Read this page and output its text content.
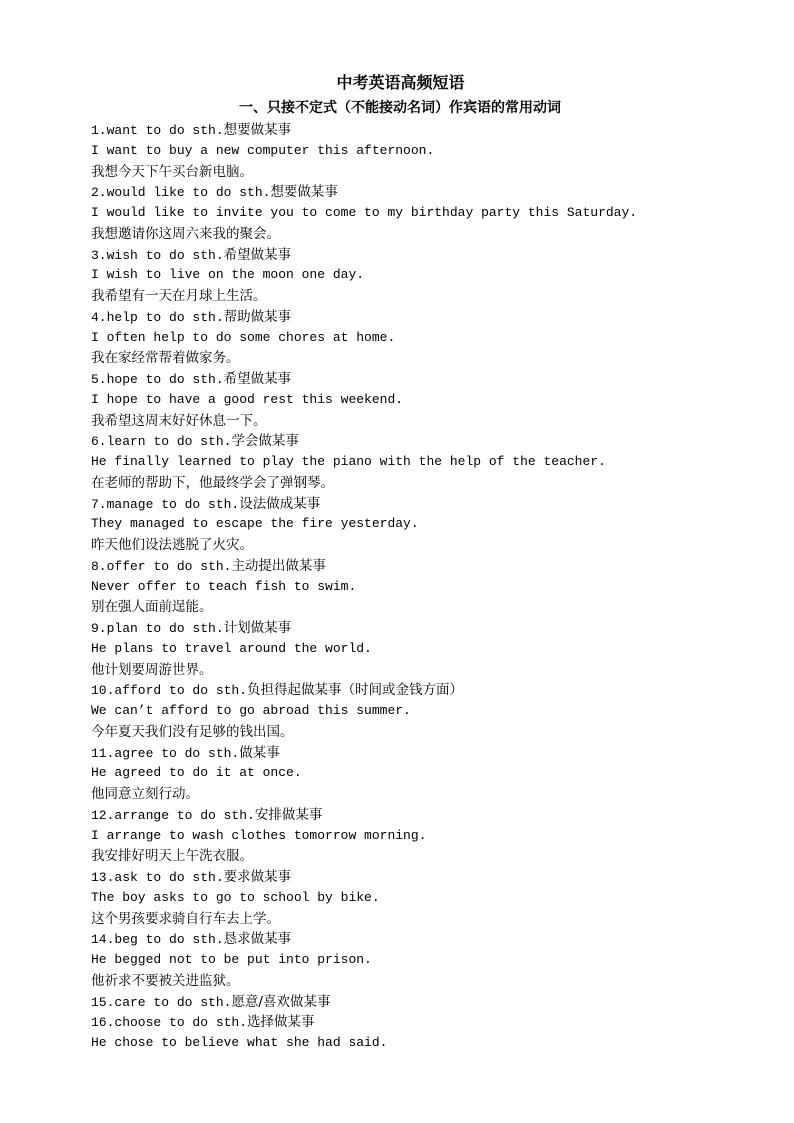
中考英语高频短语
一、只接不定式（不能接动名词）作宾语的常用动词
1.want to do sth.想要做某事
I want to buy a new computer this afternoon.
我想今天下午买台新电脑。
2.would like to do sth.想要做某事
I would like to invite you to come to my birthday party this Saturday.
我想邀请你这周六来我的聚会。
3.wish to do sth.希望做某事
I wish to live on the moon one day.
我希望有一天在月球上生活。
4.help to do sth.帮助做某事
I often help to do some chores at home.
我在家经常帮着做家务。
5.hope to do sth.希望做某事
I hope to have a good rest this weekend.
我希望这周末好好休息一下。
6.learn to do sth.学会做某事
He finally learned to play the piano with the help of the teacher.
在老师的帮助下，他最终学会了弹钢琴。
7.manage to do sth.设法做成某事
They managed to escape the fire yesterday.
昨天他们设法逃脱了火灾。
8.offer to do sth.主动提出做某事
Never offer to teach fish to swim.
别在强人面前逞能。
9.plan to do sth.计划做某事
He plans to travel around the world.
他计划要周游世界。
10.afford to do sth.负担得起做某事（时间或金钱方面）
We can’t afford to go abroad this summer.
今年夏天我们没有足够的钱出国。
11.agree to do sth.做某事
He agreed to do it at once.
他同意立刻行动。
12.arrange to do sth.安排做某事
I arrange to wash clothes tomorrow morning.
我安排好明天上午洗衣服。
13.ask to do sth.要求做某事
The boy asks to go to school by bike.
这个男孩要求骑自行车去上学。
14.beg to do sth.恳求做某事
He begged not to be put into prison.
他祈求不要被关进监狱。
15.care to do sth.愿意/喜欢做某事
16.choose to do sth.选择做某事
He chose to believe what she had said.
